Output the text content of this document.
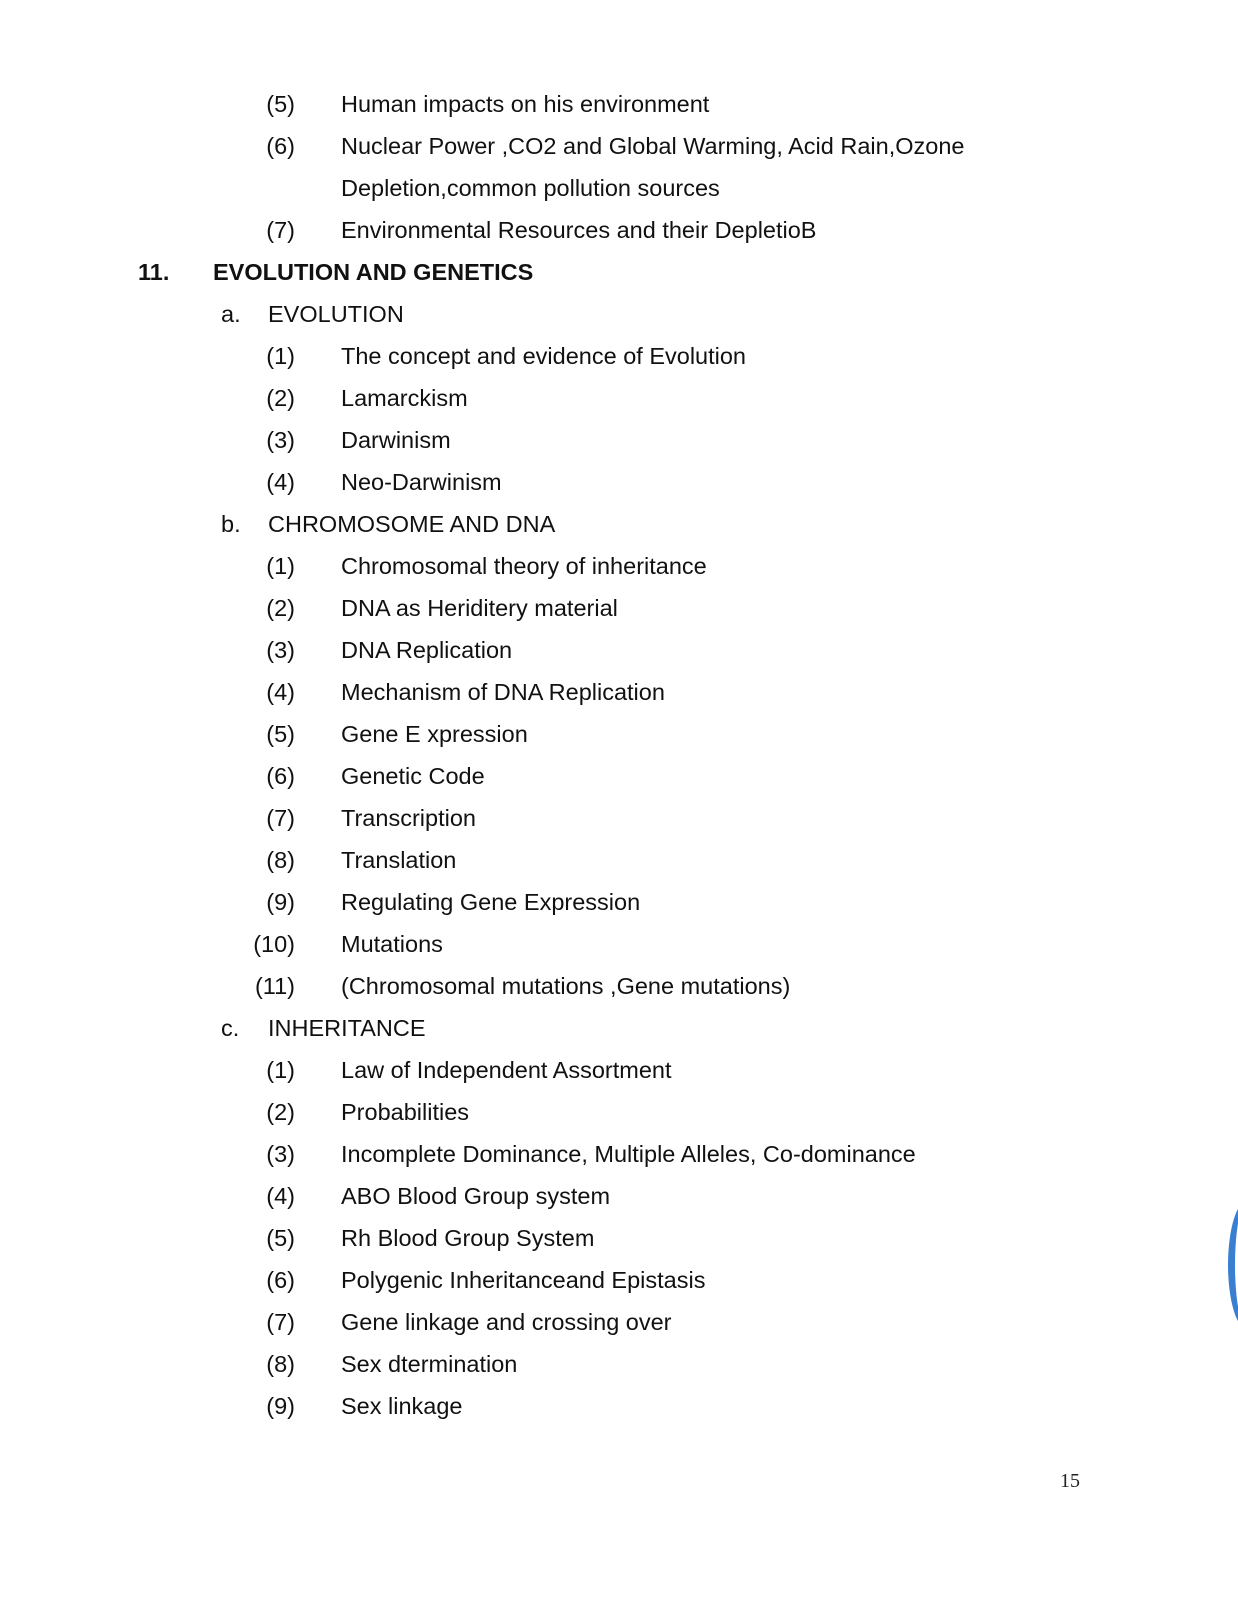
(5) Human impacts on his environment
(6) Nuclear Power ,CO2 and Global Warming, Acid Rain,Ozone
Depletion,common pollution sources
(7) Environmental Resources and their DepletioB
11. EVOLUTION AND GENETICS
a. EVOLUTION
(1) The concept and evidence of Evolution
(2) Lamarckism
(3) Darwinism
(4) Neo-Darwinism
b. CHROMOSOME AND DNA
(1) Chromosomal theory of inheritance
(2) DNA as Heriditery material
(3) DNA Replication
(4) Mechanism of DNA Replication
(5) Gene E xpression
(6) Genetic Code
(7) Transcription
(8) Translation
(9) Regulating Gene Expression
(10) Mutations
(11) (Chromosomal mutations ,Gene mutations)
c. INHERITANCE
(1) Law of Independent Assortment
(2) Probabilities
(3) Incomplete Dominance, Multiple Alleles, Co-dominance
(4) ABO Blood Group system
(5) Rh Blood Group System
(6) Polygenic Inheritanceand Epistasis
(7) Gene linkage and crossing over
(8) Sex dtermination
(9) Sex linkage
15
